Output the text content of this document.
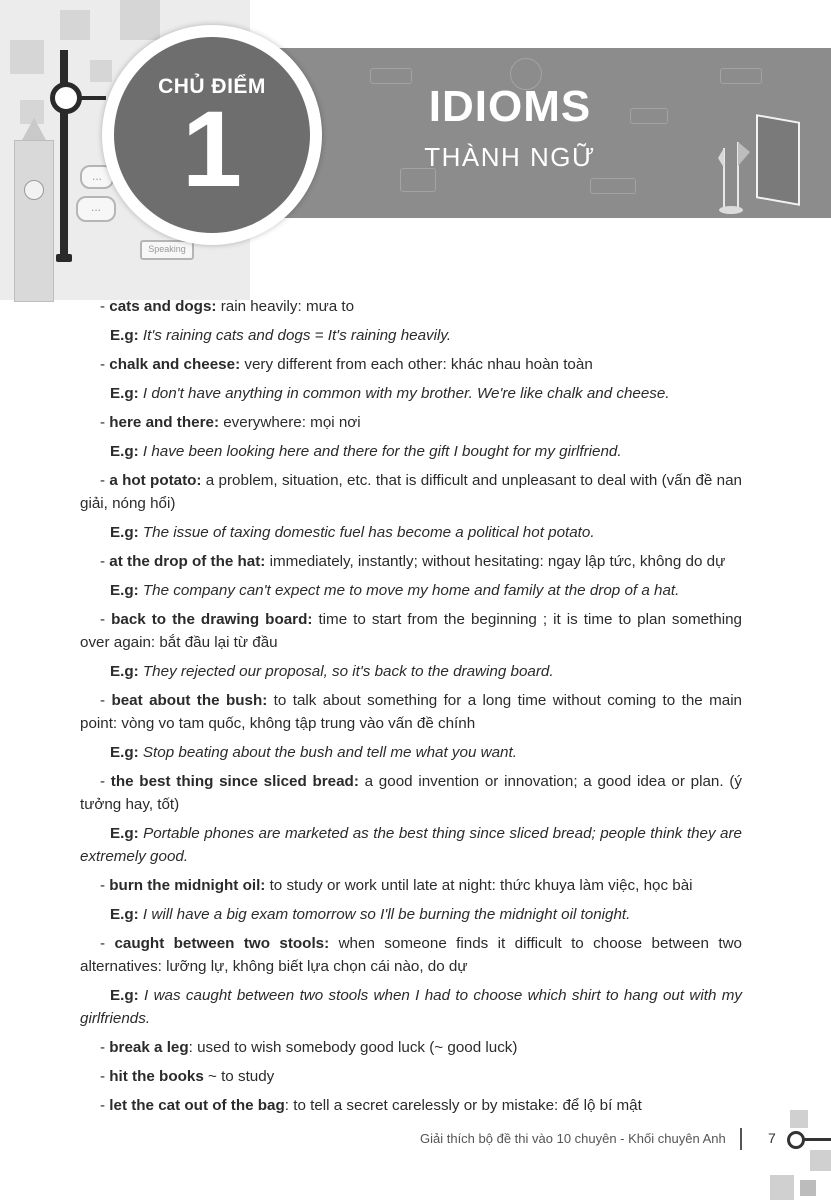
...
...
Speaking
CHỦ ĐIỂM
1	IDIOMS
THÀNH NGỮ

- cats and dogs: rain heavily: mưa to

E.g: It's raining cats and dogs = It's raining heavily.

- chalk and cheese: very different from each other: khác nhau hoàn toàn

E.g: I don't have anything in common with my brother. We're like chalk and cheese.

- here and there: everywhere: mọi nơi

E.g: I have been looking here and there for the gift I bought for my girlfriend.

- a hot potato: a problem, situation, etc. that is difficult and unpleasant to deal with (vấn đề nan giải, nóng hổi)

E.g: The issue of taxing domestic fuel has become a political hot potato.

- at the drop of the hat: immediately, instantly; without hesitating: ngay lập tức, không do dự

E.g: The company can't expect me to move my home and family at the drop of a hat.

- back to the drawing board: time to start from the beginning ; it is time to plan something over again: bắt đầu lại từ đầu

E.g: They rejected our proposal, so it's back to the drawing board.

- beat about the bush: to talk about something for a long time without coming to the main point: vòng vo tam quốc, không tập trung vào vấn đề chính

E.g: Stop beating about the bush and tell me what you want.

- the best thing since sliced bread: a good invention or innovation; a good idea or plan. (ý tưởng hay, tốt)

E.g: Portable phones are marketed as the best thing since sliced bread; people think they are extremely good.

- burn the midnight oil: to study or work until late at night: thức khuya làm việc, học bài

E.g: I will have a big exam tomorrow so I'll be burning the midnight oil tonight.

- caught between two stools: when someone finds it difficult to choose between two alternatives: lưỡng lự, không biết lựa chọn cái nào, do dự

E.g: I was caught between two stools when I had to choose which shirt to hang out with my girlfriends.

- break a leg: used to wish somebody good luck (~ good luck)

- hit the books ~ to study

- let the cat out of the bag: to tell a secret carelessly or by mistake: để lộ bí mật

Giải thích bộ đề thi vào 10 chuyên - Khối chuyên Anh	7
